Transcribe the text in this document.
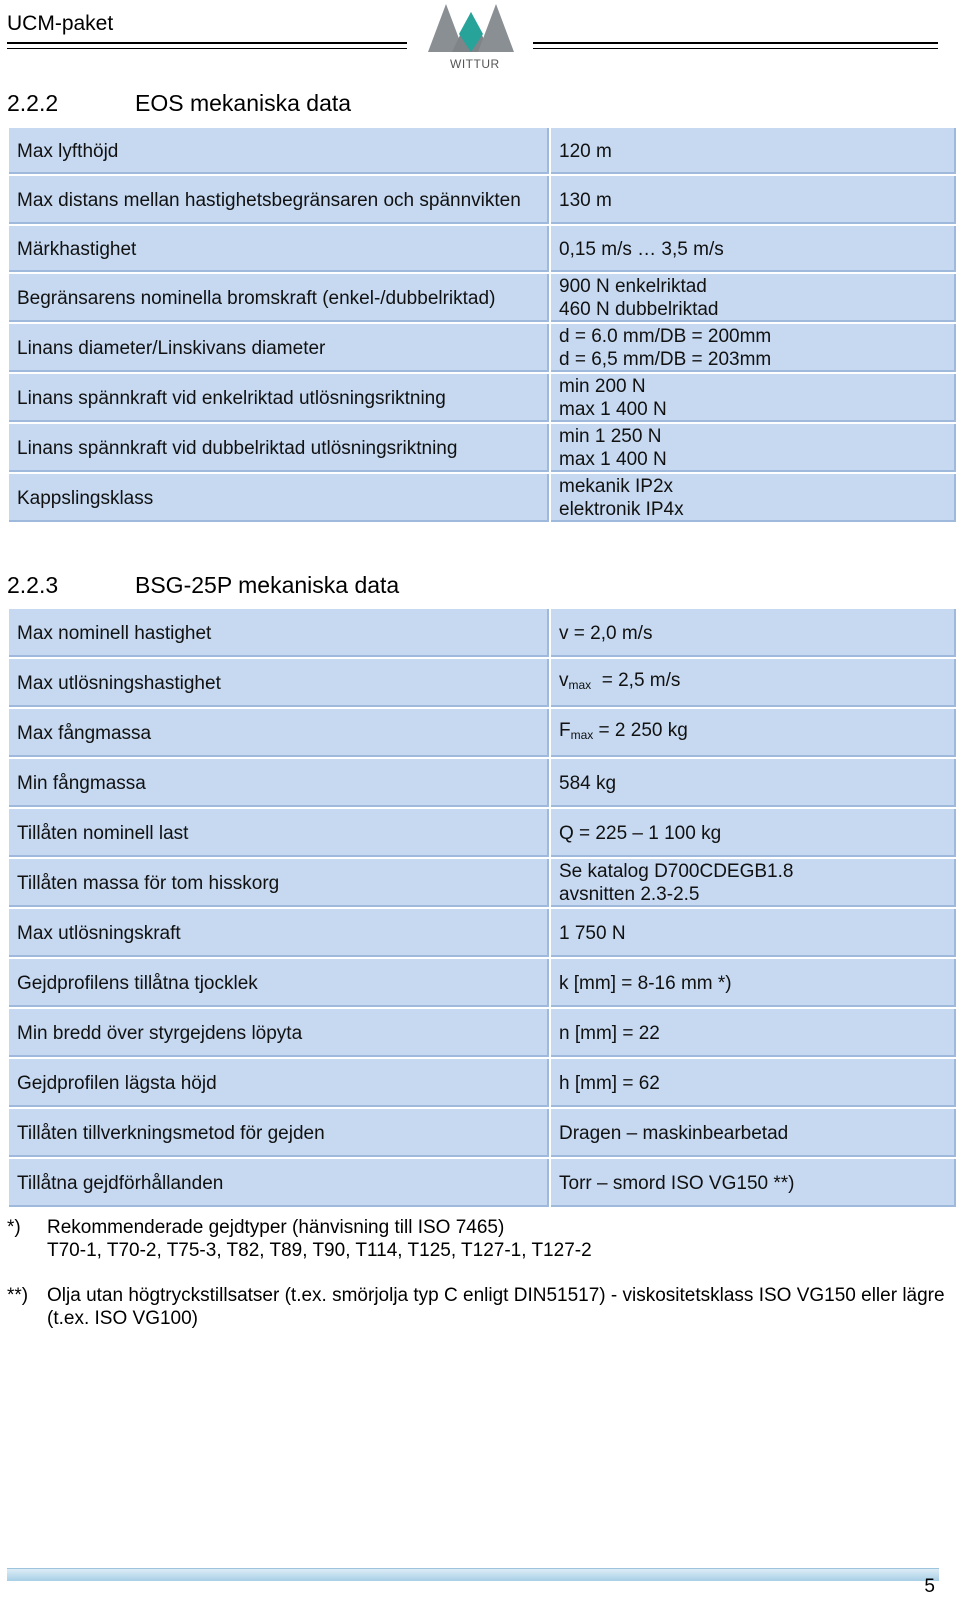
UCM-paket
WITTUR
2.2.2	EOS mekaniska data
Max lyfthöjd	120 m
Max distans mellan hastighetsbegränsaren och spännvikten	130 m
Märkhastighet	0,15 m/s … 3,5 m/s
Begränsarens nominella bromskraft (enkel-/dubbelriktad)	900 N enkelriktad
460 N dubbelriktad

Linans diameter/Linskivans diameter	d = 6.0 mm/DB = 200mm
d = 6,5 mm/DB = 203mm

Linans spännkraft vid enkelriktad utlösningsriktning	min 200 N
max 1 400 N

Linans spännkraft vid dubbelriktad utlösningsriktning	min 1 250 N
max 1 400 N

Kappslingsklass	mekanik IP2x
elektronik IP4x
2.2.3	BSG-25P mekaniska data
Max nominell hastighet	v = 2,0 m/s
Max utlösningshastighet	$v_{max} = 2,5$ m/s
Max fångmassa	$F_{max} = 2$ 250 kg
Min fångmassa	584 kg
Tillåten nominell last	Q = 225 – 1 100 kg
Tillåten massa för tom hisskorg	Se katalog D700CDEGB1.8
avsnitten 2.3-2.5

Max utlösningskraft	1 750 N
Gejdprofilens tillåtna tjocklek	k [mm] = 8-16 mm *)
Min bredd över styrgejdens löpyta	n [mm] = 22
Gejdprofilen lägsta höjd	h [mm] = 62
Tillåten tillverkningsmetod för gejden	Dragen – maskinbearbetad
Tillåtna gejdförhållanden	Torr – smord ISO VG150 **)
*)	Rekommenderade gejdtyper (hänvisning till ISO 7465)
T70-1, T70-2, T75-3, T82, T89, T90, T114, T125, T127-1, T127-2
**) Olja utan högtryckstillsatser (t.ex. smörjolja typ C enligt DIN51517) - viskositetsklass ISO VG150 eller lägre (t.ex. ISO VG100)
5
